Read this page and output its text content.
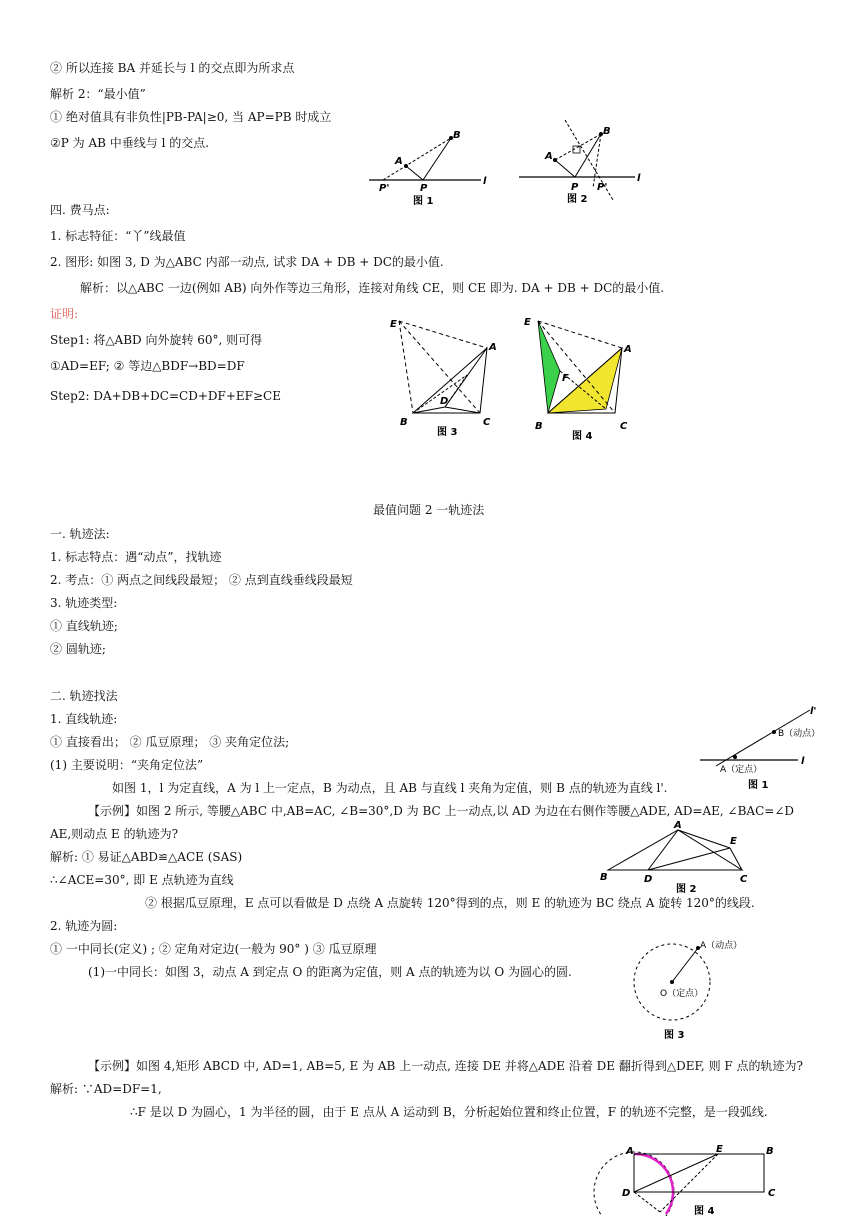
② 所以连接 BA 并延长与 l 的交点即为所求点
解析 2：“最小值”
① 绝对值具有非负性|PB-PA|≥0, 当 AP=PB 时成立
②P 为 AB 中垂线与 l 的交点.
B
A
P'	P
l
图 1
B
A
P P'
l
图 2
四. 费马点:
1. 标志特征：“丫”线最值
2. 图形: 如图 3, D 为△ABC 内部一动点, 试求 DA + DB + DC的最小值.
解析：以△ABC 一边(例如 AB) 向外作等边三角形，连接对角线 CE，则 CE 即为. DA + DB + DC的最小值.
证明:
Step1: 将△ABD 向外旋转 60°, 则可得
①AD=EF; ② 等边△BDF→BD=DF
Step2: DA+DB+DC=CD+DF+EF≥CE
E
A
B	C
D
图 3
E
A
F
B	C
图 4
最值问题 2 一轨迹法
一. 轨迹法:
1. 标志特点：遇“动点”，找轨迹
2. 考点：① 两点之间线段最短； ② 点到直线垂线段最短
3. 轨迹类型:
① 直线轨迹;
② 圆轨迹;
二. 轨迹找法
1. 直线轨迹:
① 直接看出； ② 瓜豆原理； ③ 夹角定位法;
(1) 主要说明：“夹角定位法”
如图 1，l 为定直线，A 为 l 上一定点，B 为动点，且 AB 与直线 l 夹角为定值，则 B 点的轨迹为直线 l'.
【示例】如图 2 所示, 等腰△ABC 中,AB=AC, ∠B=30°,D 为 BC 上一动点,以 AD 为边在右侧作等腰△ADE, AD=AE, ∠BAC=∠D
AE,则动点 E 的轨迹为?
解析: ① 易证△ABD≌△ACE (SAS)
∴∠ACE=30°, 即 E 点轨迹为直线
② 根据瓜豆原理，E 点可以看做是 D 点绕 A 点旋转 120°得到的点，则 E 的轨迹为 BC 绕点 A 旋转 120°的线段.
2. 轨迹为圆:
① 一中同长(定义) ; ② 定角对定边(一般为 90° ) ③ 瓜豆原理
(1)一中同长：如图 3，动点 A 到定点 O 的距离为定值，则 A 点的轨迹为以 O 为圆心的圆.
【示例】如图 4,矩形 ABCD 中, AD=1, AB=5, E 为 AB 上一动点, 连接 DE 并将△ADE 沿着 DE 翻折得到△DEF, 则 F 点的轨迹为?
解析: ∵AD=DF=1,
∴F 是以 D 为圆心，1 为半径的圆，由于 E 点从 A 运动到 B，分析起始位置和终止位置，F 的轨迹不完整，是一段弧线.
l
l'
B（动点）
A（定点）
图 1
B	D
A
E
C
图 2
A（动点）
O（定点）
图 3
A	E	B
D	C
图 4
